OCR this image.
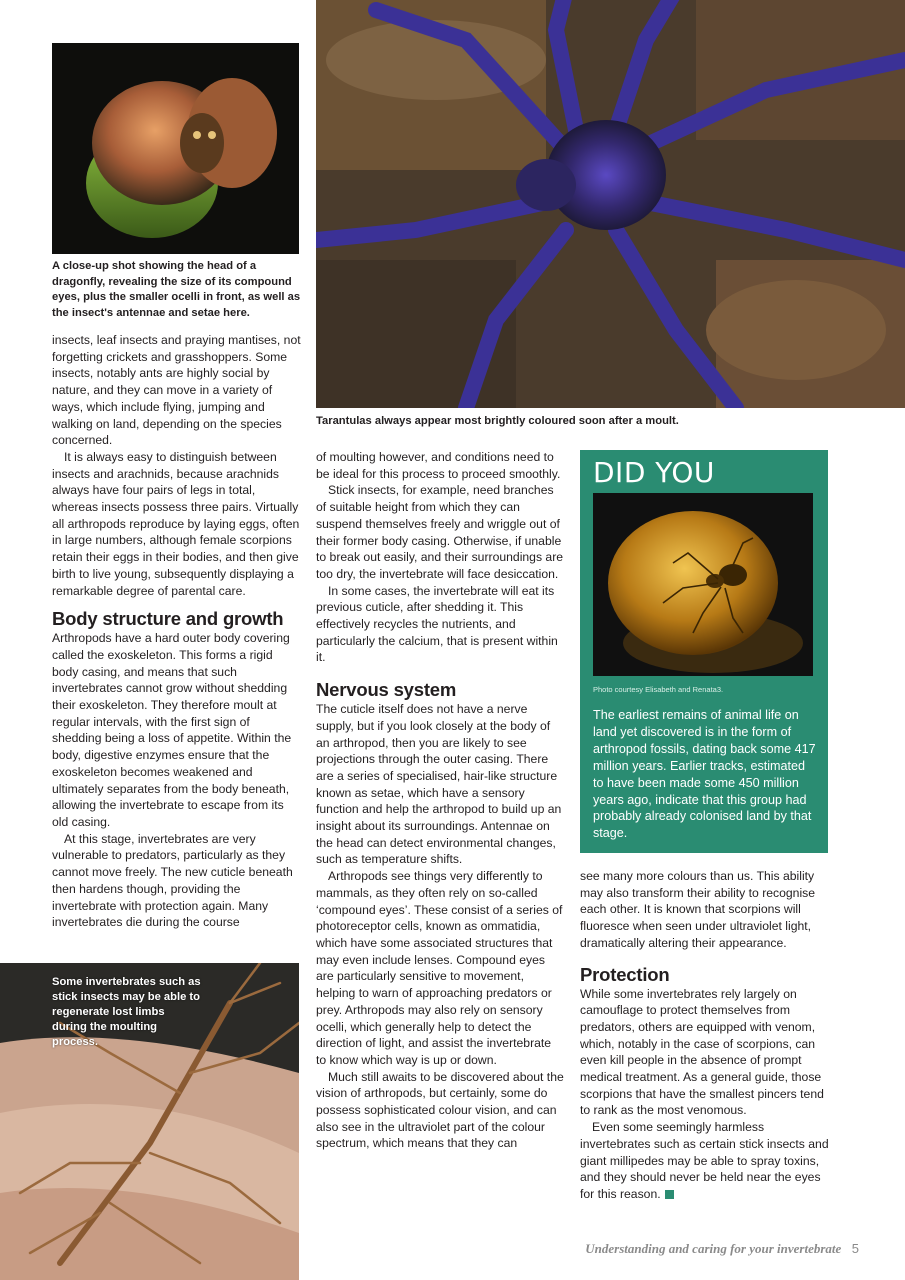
Tarantulas always appear most brightly coloured soon after a moult.
A close-up shot showing the head of a dragonfly, revealing the size of its compound eyes, plus the smaller ocelli in front, as well as the insect's antennae and setae here.

insects, leaf insects and praying mantises, not forgetting crickets and grasshoppers. Some insects, notably ants are highly social by nature, and they can move in a variety of ways, which include flying, jumping and walking on land, depending on the species concerned.

It is always easy to distinguish between insects and arachnids, because arachnids always have four pairs of legs in total, whereas insects possess three pairs. Virtually all arthropods reproduce by laying eggs, often in large numbers, although female scorpions retain their eggs in their bodies, and then give birth to live young, subsequently displaying a remarkable degree of parental care.

Body structure and growth

Arthropods have a hard outer body covering called the exoskeleton. This forms a rigid body casing, and means that such invertebrates cannot grow without shedding their exoskeleton. They therefore moult at regular intervals, with the first sign of shedding being a loss of appetite. Within the body, digestive enzymes ensure that the exoskeleton becomes weakened and ultimately separates from the body beneath, allowing the invertebrate to escape from its old casing.

At this stage, invertebrates are very vulnerable to predators, particularly as they cannot move freely. The new cuticle beneath then hardens though, providing the invertebrate with protection again. Many invertebrates die during the course

Some invertebrates such as stick insects may be able to regenerate lost limbs during the moulting process.

of moulting however, and conditions need to be ideal for this process to proceed smoothly.

Stick insects, for example, need branches of suitable height from which they can suspend themselves freely and wriggle out of their former body casing. Otherwise, if unable to break out easily, and their surroundings are too dry, the invertebrate will face desiccation.

In some cases, the invertebrate will eat its previous cuticle, after shedding it. This effectively recycles the nutrients, and particularly the calcium, that is present within it.

Nervous system

The cuticle itself does not have a nerve supply, but if you look closely at the body of an arthropod, then you are likely to see projections through the outer casing. There are a series of specialised, hair-like structure known as setae, which have a sensory function and help the arthropod to build up an insight about its surroundings. Antennae on the head can detect environmental changes, such as temperature shifts.

Arthropods see things very differently to mammals, as they often rely on so-called ‘compound eyes’. These consist of a series of photoreceptor cells, known as ommatidia, which have some associated structures that may even include lenses. Compound eyes are particularly sensitive to movement, helping to warn of approaching predators or prey. Arthropods may also rely on sensory ocelli, which generally help to detect the direction of light, and assist the invertebrate to know which way is up or down.

Much still awaits to be discovered about the vision of arthropods, but certainly, some do possess sophisticated colour vision, and can also see in the ultraviolet part of the colour spectrum, which means that they can

DID YOU
Photo courtesy Elisabeth and Renata3.
The earliest remains of animal life on land yet discovered is in the form of arthropod fossils, dating back some 417 million years. Earlier tracks, estimated to have been made some 450 million years ago, indicate that this group had probably already colonised land by that stage.

see many more colours than us. This ability may also transform their ability to recognise each other. It is known that scorpions will fluoresce when seen under ultraviolet light, dramatically altering their appearance.

Protection

While some invertebrates rely largely on camouflage to protect themselves from predators, others are equipped with venom, which, notably in the case of scorpions, can even kill people in the absence of prompt medical treatment. As a general guide, those scorpions that have the smallest pincers tend to rank as the most venomous.

Even some seemingly harmless invertebrates such as certain stick insects and giant millipedes may be able to spray toxins, and they should never be held near the eyes for this reason.

Understanding and caring for your invertebrate 5
